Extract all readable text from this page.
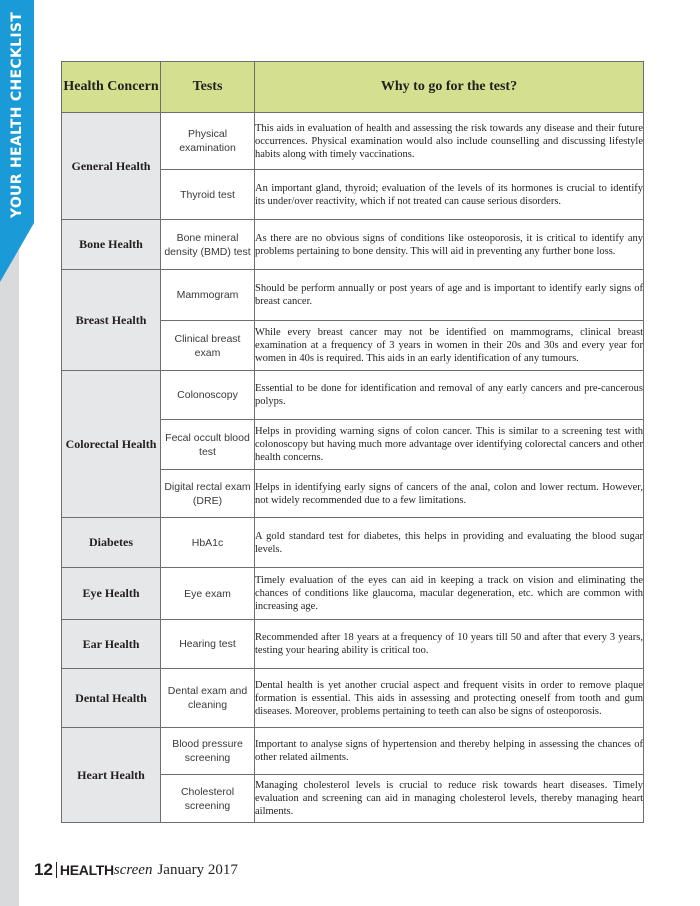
YOUR HEALTH CHECKLIST	Health Concern	Tests	Why to go for the test?
General Health	Physical examination	This aids in evaluation of health and assessing the risk towards any disease and their future occurrences. Physical examination would also include counselling and discussing lifestyle habits along with timely vaccinations.

	Thyroid test	An important gland, thyroid; evaluation of the levels of its hormones is crucial to identify its under/over reactivity, which if not treated can cause serious disorders.

Bone Health	Bone mineral density (BMD) test	As there are no obvious signs of conditions like osteoporosis, it is critical to identify any problems pertaining to bone density. This will aid in preventing any further bone loss.

Breast Health	Mammogram	Should be perform annually or post years of age and is important to identify early signs of breast cancer.

	Clinical breast exam	While every breast cancer may not be identified on mammograms, clinical breast examination at a frequency of 3 years in women in their 20s and 30s and every year for women in 40s is required. This aids in an early identification of any tumours.

Colorectal Health	Colonoscopy	Essential to be done for identification and removal of any early cancers and pre-cancerous polyps.

	Fecal occult blood test	Helps in providing warning signs of colon cancer. This is similar to a screening test with colonoscopy but having much more advantage over identifying colorectal cancers and other health concerns.

	Digital rectal exam (DRE)	Helps in identifying early signs of cancers of the anal, colon and lower rectum. However, not widely recommended due to a few limitations.

Diabetes	HbA1c	A gold standard test for diabetes, this helps in providing and evaluating the blood sugar levels.

Eye Health	Eye exam	Timely evaluation of the eyes can aid in keeping a track on vision and eliminating the chances of conditions like glaucoma, macular degeneration, etc. which are common with increasing age.

Ear Health	Hearing test	Recommended after 18 years at a frequency of 10 years till 50 and after that every 3 years, testing your hearing ability is critical too.

Dental Health	Dental exam and cleaning	Dental health is yet another crucial aspect and frequent visits in order to remove plaque formation is essential. This aids in assessing and protecting oneself from tooth and gum diseases. Moreover, problems pertaining to teeth can also be signs of osteoporosis.

Heart Health	Blood pressure screening	Important to analyse signs of hypertension and thereby helping in assessing the chances of other related ailments.

	Cholesterol screening	Managing cholesterol levels is crucial to reduce risk towards heart diseases. Timely evaluation and screening can aid in managing cholesterol levels, thereby managing heart ailments.
12 HEALTH screen January 2017
